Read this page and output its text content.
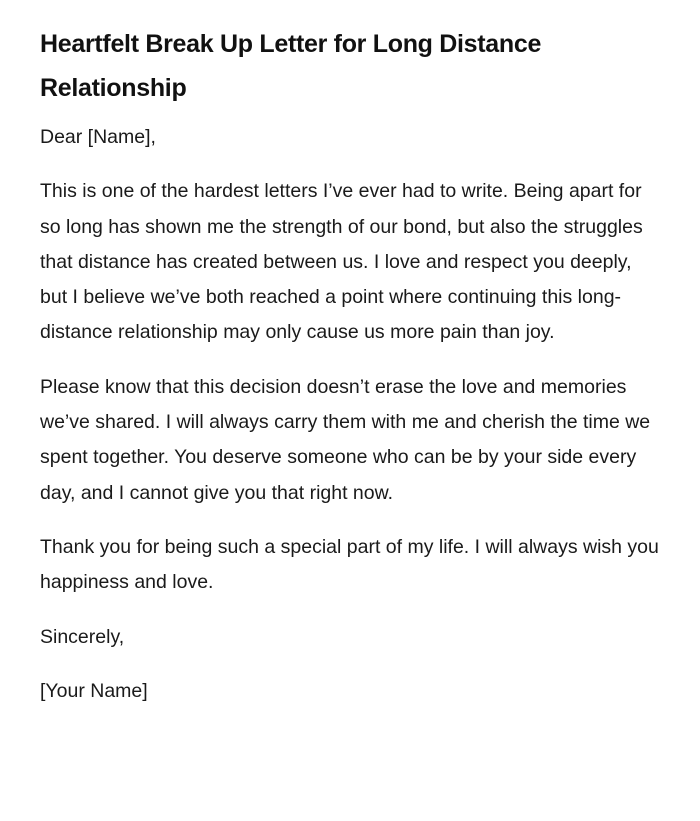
Heartfelt Break Up Letter for Long Distance Relationship

Dear [Name],

This is one of the hardest letters I’ve ever had to write. Being apart for so long has shown me the strength of our bond, but also the struggles that distance has created between us. I love and respect you deeply, but I believe we’ve both reached a point where continuing this long-distance relationship may only cause us more pain than joy.

Please know that this decision doesn’t erase the love and memories we’ve shared. I will always carry them with me and cherish the time we spent together. You deserve someone who can be by your side every day, and I cannot give you that right now.

Thank you for being such a special part of my life. I will always wish you happiness and love.

Sincerely,

[Your Name]
